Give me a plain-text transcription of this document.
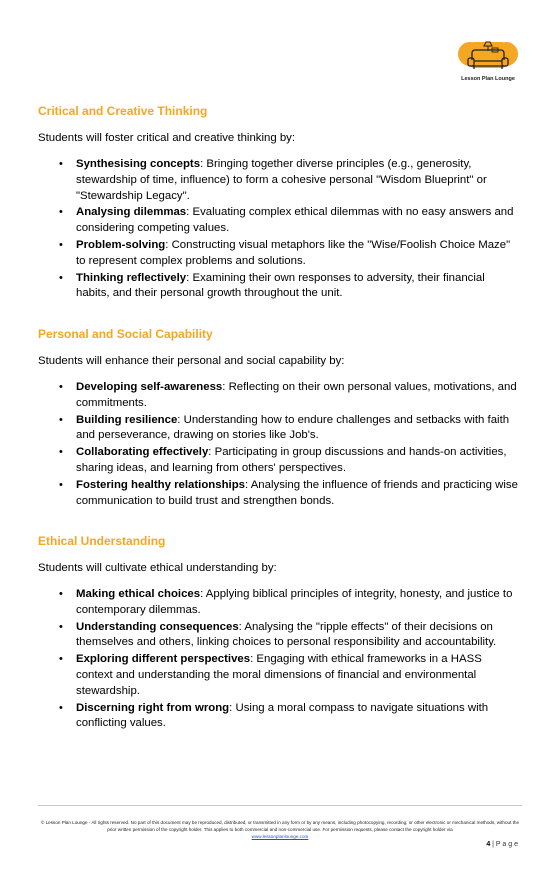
Lesson Plan Lounge
Critical and Creative Thinking
Students will foster critical and creative thinking by:
• Synthesising concepts: Bringing together diverse principles (e.g., generosity, stewardship of time, influence) to form a cohesive personal "Wisdom Blueprint" or "Stewardship Legacy".
• Analysing dilemmas: Evaluating complex ethical dilemmas with no easy answers and considering competing values.
• Problem-solving: Constructing visual metaphors like the "Wise/Foolish Choice Maze" to represent complex problems and solutions.
• Thinking reflectively: Examining their own responses to adversity, their financial habits, and their personal growth throughout the unit.
Personal and Social Capability
Students will enhance their personal and social capability by:
• Developing self-awareness: Reflecting on their own personal values, motivations, and commitments.
• Building resilience: Understanding how to endure challenges and setbacks with faith and perseverance, drawing on stories like Job's.
• Collaborating effectively: Participating in group discussions and hands-on activities, sharing ideas, and learning from others' perspectives.
• Fostering healthy relationships: Analysing the influence of friends and practicing wise communication to build trust and strengthen bonds.
Ethical Understanding
Students will cultivate ethical understanding by:
• Making ethical choices: Applying biblical principles of integrity, honesty, and justice to contemporary dilemmas.
• Understanding consequences: Analysing the "ripple effects" of their decisions on themselves and others, linking choices to personal responsibility and accountability.
• Exploring different perspectives: Engaging with ethical frameworks in a HASS context and understanding the moral dimensions of financial and environmental stewardship.
• Discerning right from wrong: Using a moral compass to navigate situations with conflicting values.
© Lesson Plan Lounge - All rights reserved. No part of this document may be reproduced, distributed, or transmitted in any form or by any means, including photocopying, recording, or other electronic or mechanical methods, without the prior written permission of the copyright holder. This applies to both commercial and non-commercial use. For permission requests, please contact the copyright holder via
www.lessonplanlounge.com
4 | P a g e
